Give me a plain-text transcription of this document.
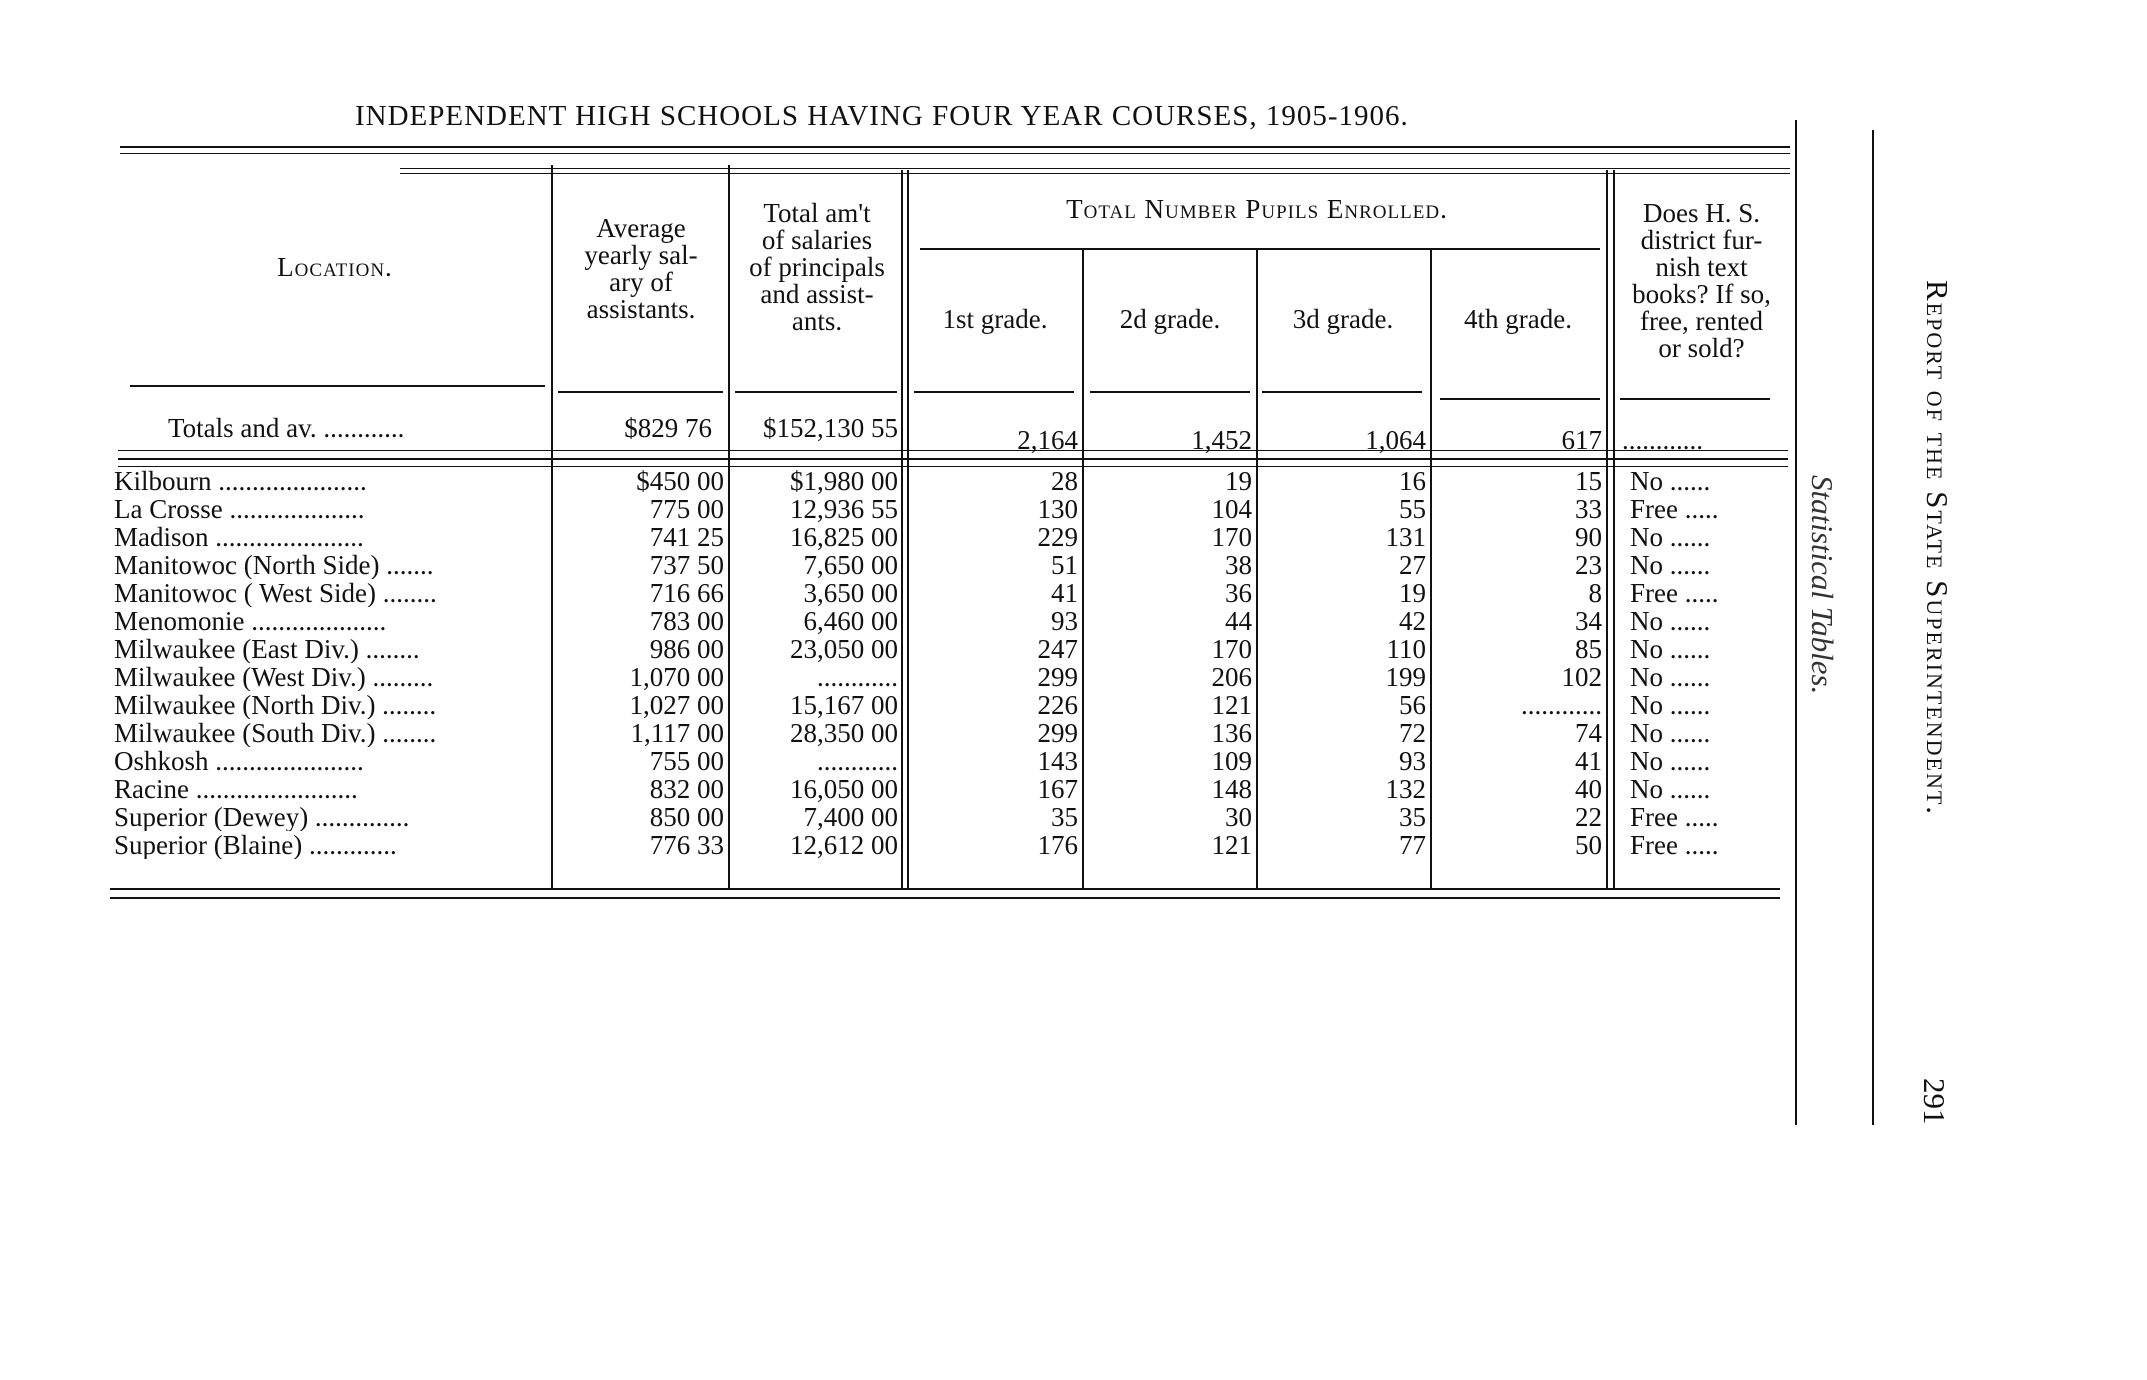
INDEPENDENT HIGH SCHOOLS HAVING FOUR YEAR COURSES, 1905-1906.
Location.
Average
yearly sal-
ary of
assistants.
Total am't
of salaries
of principals
and assist-
ants.
Total Number Pupils Enrolled.
1st grade.	2d grade.	3d grade.	4th grade.
Does H. S.
district fur-
nish text
books? If so,
free, rented
or sold?
Totals and av. ............	$829 76	$152,130 55	2,164	1,452	1,064	617 ............
Kilbourn ......................	$450 00	$1,980 00	28	19	16	15 No ......
La Crosse ....................	775 00	12,936 55	130	104	55	33 Free .....
Madison ......................	741 25	16,825 00	229	170	131	90 No ......
Manitowoc (North Side) .......	737 50	7,650 00	51	38	27	23 No ......
Manitowoc ( West Side) ........	716 66	3,650 00	41	36	19	8 Free .....
Menomonie ....................	783 00	6,460 00	93	44	42	34 No ......
Milwaukee (East Div.) ........	986 00	23,050 00	247	170	110	85 No ......
Milwaukee (West Div.) .........	1,070 00	............	299	206	199	102 No ......
Milwaukee (North Div.) ........	1,027 00	15,167 00	226	121	56	............ No ......
Milwaukee (South Div.) ........	1,117 00	28,350 00	299	136	72	74 No ......
Oshkosh ......................	755 00	............	143	109	93	41 No ......
Racine ........................	832 00	16,050 00	167	148	132	40 No ......
Superior (Dewey) ..............	850 00	7,400 00	35	30	35	22 Free .....
Superior (Blaine) .............	776 33	12,612 00	176	121	77	50 Free .....
Report of the State Superintendent.
Statistical Tables.
291
